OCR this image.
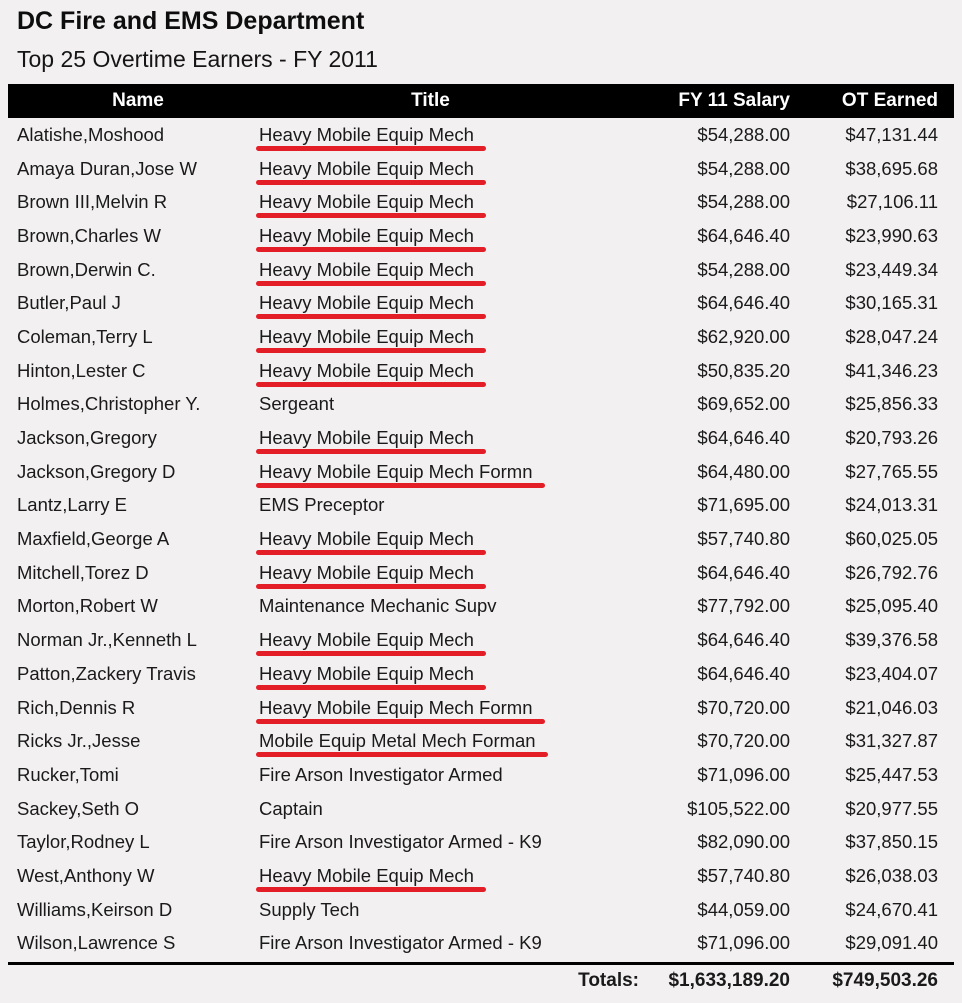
DC Fire and EMS Department
Top 25 Overtime Earners - FY 2011
Name	Title	FY 11 Salary	OT Earned
Alatishe,Moshood	Heavy Mobile Equip Mech	$54,288.00	$47,131.44
Amaya Duran,Jose W	Heavy Mobile Equip Mech	$54,288.00	$38,695.68
Brown III,Melvin R	Heavy Mobile Equip Mech	$54,288.00	$27,106.11
Brown,Charles W	Heavy Mobile Equip Mech	$64,646.40	$23,990.63
Brown,Derwin C.	Heavy Mobile Equip Mech	$54,288.00	$23,449.34
Butler,Paul J	Heavy Mobile Equip Mech	$64,646.40	$30,165.31
Coleman,Terry L	Heavy Mobile Equip Mech	$62,920.00	$28,047.24
Hinton,Lester C	Heavy Mobile Equip Mech	$50,835.20	$41,346.23
Holmes,Christopher Y.	Sergeant	$69,652.00	$25,856.33
Jackson,Gregory	Heavy Mobile Equip Mech	$64,646.40	$20,793.26
Jackson,Gregory D	Heavy Mobile Equip Mech Formn	$64,480.00	$27,765.55
Lantz,Larry E	EMS Preceptor	$71,695.00	$24,013.31
Maxfield,George A	Heavy Mobile Equip Mech	$57,740.80	$60,025.05
Mitchell,Torez D	Heavy Mobile Equip Mech	$64,646.40	$26,792.76
Morton,Robert W	Maintenance Mechanic Supv	$77,792.00	$25,095.40
Norman Jr.,Kenneth L	Heavy Mobile Equip Mech	$64,646.40	$39,376.58
Patton,Zackery Travis	Heavy Mobile Equip Mech	$64,646.40	$23,404.07
Rich,Dennis R	Heavy Mobile Equip Mech Formn	$70,720.00	$21,046.03
Ricks Jr.,Jesse	Mobile Equip Metal Mech Forman	$70,720.00	$31,327.87
Rucker,Tomi	Fire Arson Investigator Armed	$71,096.00	$25,447.53
Sackey,Seth O	Captain	$105,522.00	$20,977.55
Taylor,Rodney L	Fire Arson Investigator Armed - K9	$82,090.00	$37,850.15
West,Anthony W	Heavy Mobile Equip Mech	$57,740.80	$26,038.03
Williams,Keirson D	Supply Tech	$44,059.00	$24,670.41
Wilson,Lawrence S	Fire Arson Investigator Armed - K9	$71,096.00	$29,091.40
Totals:	$1,633,189.20	$749,503.26
